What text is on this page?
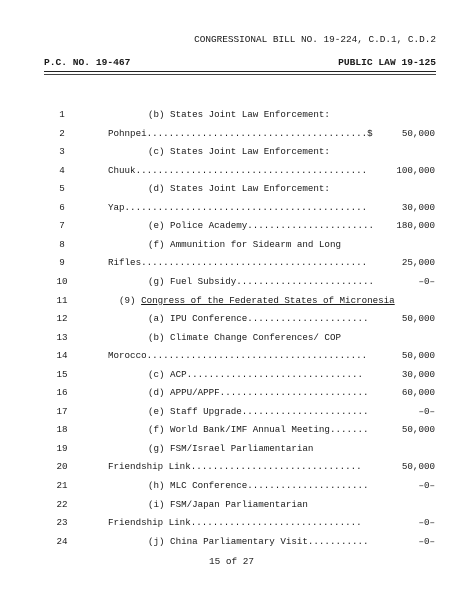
CONGRESSIONAL BILL NO. 19-224, C.D.1, C.D.2
P.C. NO. 19-467	PUBLIC LAW 19-125
1	(b) States Joint Law Enforcement:
2	Pohnpei........................................$	50,000
3	(c) States Joint Law Enforcement:
4	Chuuk..........................................	100,000
5	(d) States Joint Law Enforcement:
6	Yap............................................	30,000
7	(e) Police Academy....................... 180,000
8	(f) Ammunition for Sidearm and Long
9	Rifles.........................................	25,000
10	(g) Fuel Subsidy.........................	–0–
11	(9) Congress of the Federated States of Micronesia
12	(a) IPU Conference......................	50,000
13	(b) Climate Change Conferences/ COP
14	Morocco........................................	50,000
15	(c) ACP................................	30,000
16	(d) APPU/APPF...........................	60,000
17	(e) Staff Upgrade.......................	–0–
18	(f) World Bank/IMF Annual Meeting.......	50,000
19	(g) FSM/Israel Parliamentarian
20	Friendship Link...............................	50,000
21	(h) MLC Conference......................	–0–
22	(i) FSM/Japan Parliamentarian
23	Friendship Link...............................	–0–
24	(j) China Parliamentary Visit...........	–0–
15 of 27
